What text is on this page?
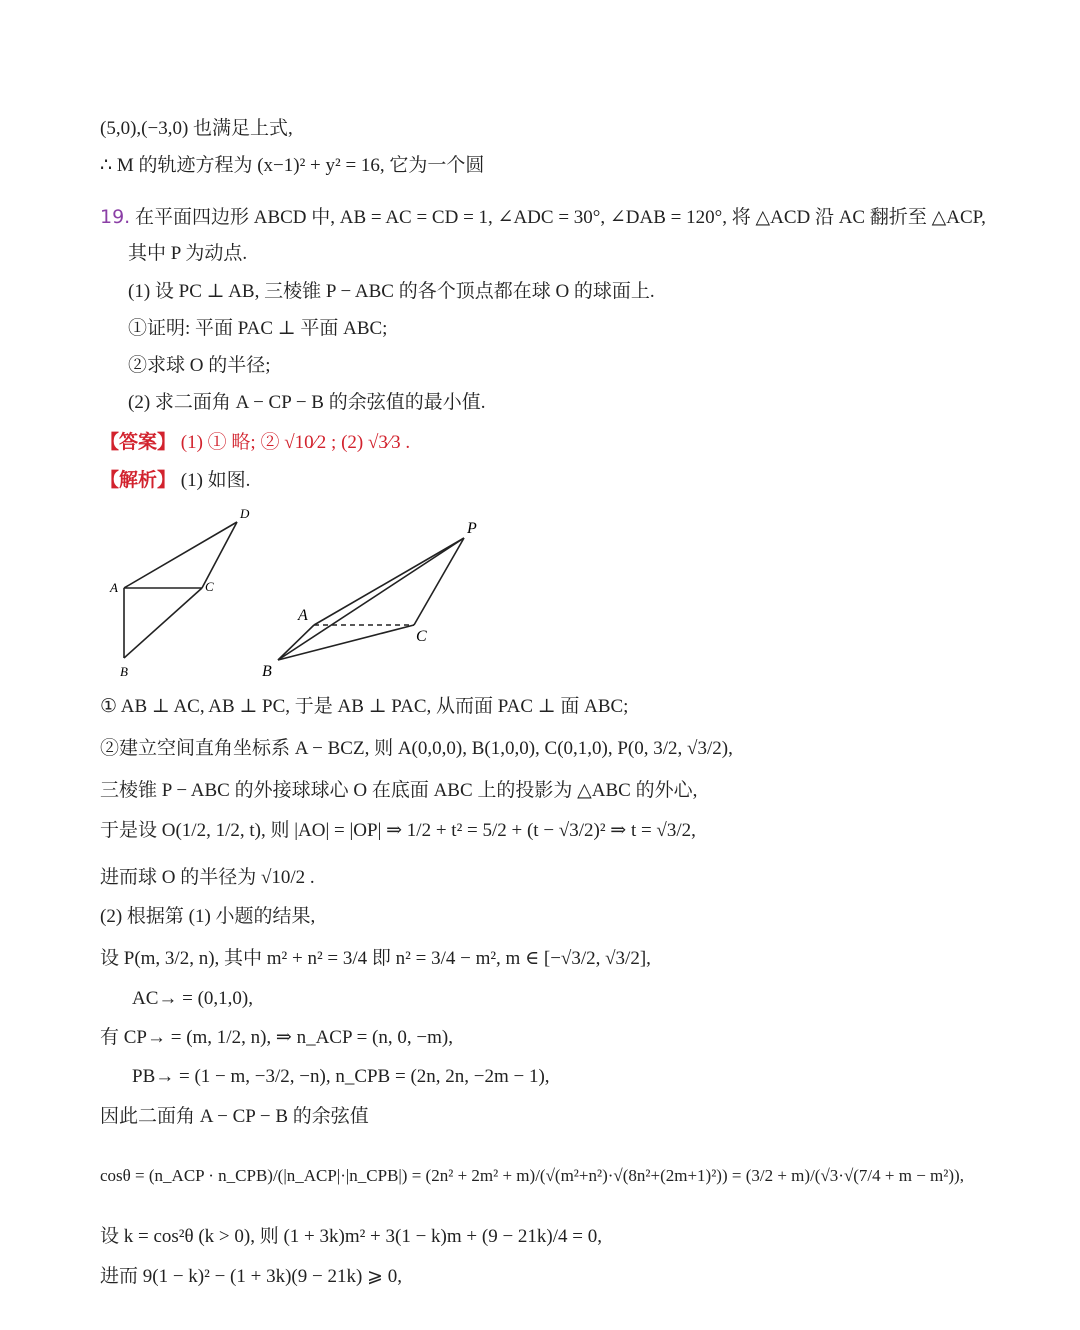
(5,0),(−3,0) 也满足上式,
∴ M 的轨迹方程为 (x−1)² + y² = 16, 它为一个圆
19. 在平面四边形 ABCD 中, AB = AC = CD = 1, ∠ADC = 30°, ∠DAB = 120°, 将 △ACD 沿 AC 翻折至 △ACP,
其中 P 为动点.
(1) 设 PC ⊥ AB, 三棱锥 P − ABC 的各个顶点都在球 O 的球面上.
①证明: 平面 PAC ⊥ 平面 ABC;
②求球 O 的半径;
(2) 求二面角 A − CP − B 的余弦值的最小值.
【答案】 (1) ① 略; ② √10⁄2 ; (2) √3⁄3 .
【解析】 (1) 如图.
D
A	C
B
P
A
C
B
① AB ⊥ AC, AB ⊥ PC, 于是 AB ⊥ PAC, 从而面 PAC ⊥ 面 ABC;
②建立空间直角坐标系 A − BCZ, 则 A(0,0,0), B(1,0,0), C(0,1,0), P(0, 3/2, √3/2),
三棱锥 P − ABC 的外接球球心 O 在底面 ABC 上的投影为 △ABC 的外心,
于是设 O(1/2, 1/2, t), 则 |AO| = |OP| ⇒ 1/2 + t² = 5/2 + (t − √3/2)² ⇒ t = √3/2,
进而球 O 的半径为 √10/2 .
(2) 根据第 (1) 小题的结果,
设 P(m, 3/2, n), 其中 m² + n² = 3/4 即 n² = 3/4 − m², m ∈ [−√3/2, √3/2],
AC→ = (0,1,0),
有 CP→ = (m, 1/2, n), ⇒ n_ACP = (n, 0, −m),
PB→ = (1 − m, −3/2, −n), n_CPB = (2n, 2n, −2m − 1),
因此二面角 A − CP − B 的余弦值
cosθ = (n_ACP · n_CPB)/(|n_ACP|·|n_CPB|) = (2n² + 2m² + m)/(√(m²+n²)·√(8n²+(2m+1)²)) = (3/2 + m)/(√3·√(7/4 + m − m²)),
设 k = cos²θ (k > 0), 则 (1 + 3k)m² + 3(1 − k)m + (9 − 21k)/4 = 0,
进而 9(1 − k)² − (1 + 3k)(9 − 21k) ⩾ 0,
